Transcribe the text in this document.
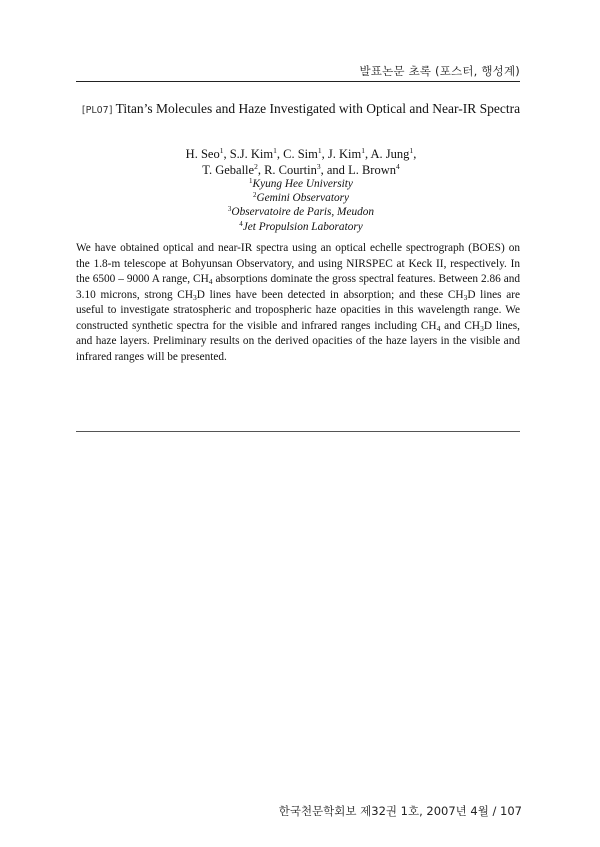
발표논문 초록 (포스터, 행성계)
[PL07] Titan’s Molecules and Haze Investigated with Optical and Near-IR Spectra
H. Seo$^1$, S.J. Kim$^1$, C. Sim$^1$, J. Kim$^1$, A. Jung$^1$,
T. Geballe$^2$, R. Courtin$^3$, and L. Brown$^4$
$^1$Kyung Hee University
$^2$Gemini Observatory
$^3$Observatoire de Paris, Meudon
$^4$Jet Propulsion Laboratory
We have obtained optical and near-IR spectra using an optical echelle spectrograph (BOES) on the 1.8-m telescope at Bohyunsan Observatory, and using NIRSPEC at Keck II, respectively. In the 6500 – 9000 A range, $CH_4$ absorptions dominate the gross spectral features. Between 2.86 and 3.10 microns, strong $CH_3D$ lines have been detected in absorption; and these $CH_3D$ lines are useful to investigate stratospheric and tropospheric haze opacities in this wavelength range. We constructed synthetic spectra for the visible and infrared ranges including $CH_4$ and $CH_3D$ lines, and haze layers. Preliminary results on the derived opacities of the haze layers in the visible and infrared ranges will be presented.
한국천문학회보 제32권 1호, 2007년 4월 / 107
